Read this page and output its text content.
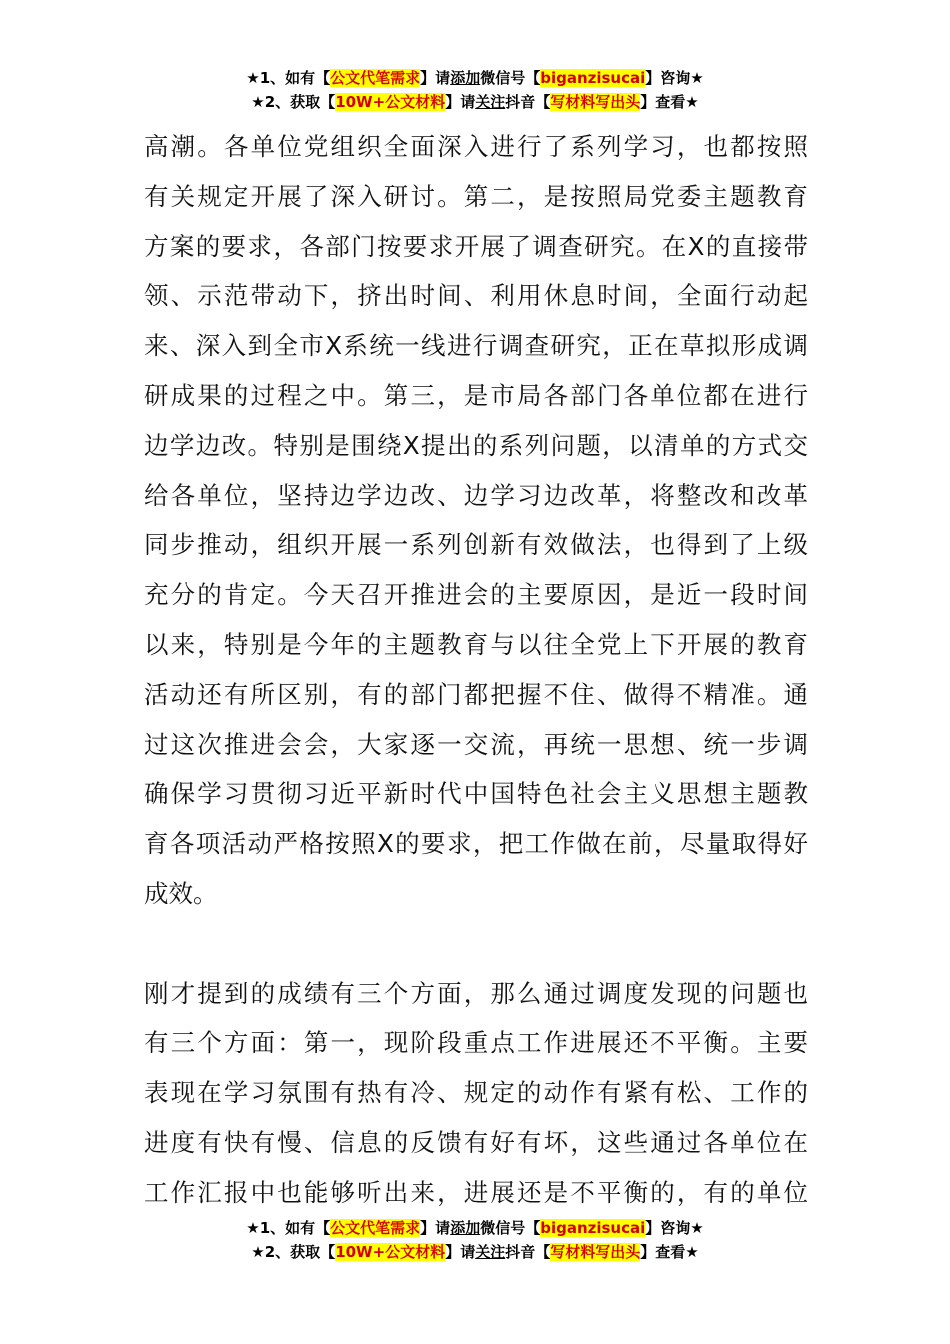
★1、如有【公文代笔需求】请添加微信号【biganzisucai】咨询★
★2、获取【10W+公文材料】请关注抖音【写材料写出头】查看★

高潮。各单位党组织全面深入进行了系列学习，也都按照
有关规定开展了深入研讨。第二，是按照局党委主题教育
方案的要求，各部门按要求开展了调查研究。在X的直接带
领、示范带动下，挤出时间、利用休息时间，全面行动起
来、深入到全市X系统一线进行调查研究，正在草拟形成调
研成果的过程之中。第三，是市局各部门各单位都在进行
边学边改。特别是围绕X提出的系列问题，以清单的方式交
给各单位，坚持边学边改、边学习边改革，将整改和改革
同步推动，组织开展一系列创新有效做法，也得到了上级
充分的肯定。今天召开推进会的主要原因，是近一段时间
以来，特别是今年的主题教育与以往全党上下开展的教育
活动还有所区别，有的部门都把握不住、做得不精准。通
过这次推进会会，大家逐一交流，再统一思想、统一步调
确保学习贯彻习近平新时代中国特色社会主义思想主题教
育各项活动严格按照X的要求，把工作做在前，尽量取得好
成效。

刚才提到的成绩有三个方面，那么通过调度发现的问题也
有三个方面：第一，现阶段重点工作进展还不平衡。主要
表现在学习氛围有热有冷、规定的动作有紧有松、工作的
进度有快有慢、信息的反馈有好有坏，这些通过各单位在
工作汇报中也能够听出来，进展还是不平衡的，有的单位

★1、如有【公文代笔需求】请添加微信号【biganzisucai】咨询★
★2、获取【10W+公文材料】请关注抖音【写材料写出头】查看★
